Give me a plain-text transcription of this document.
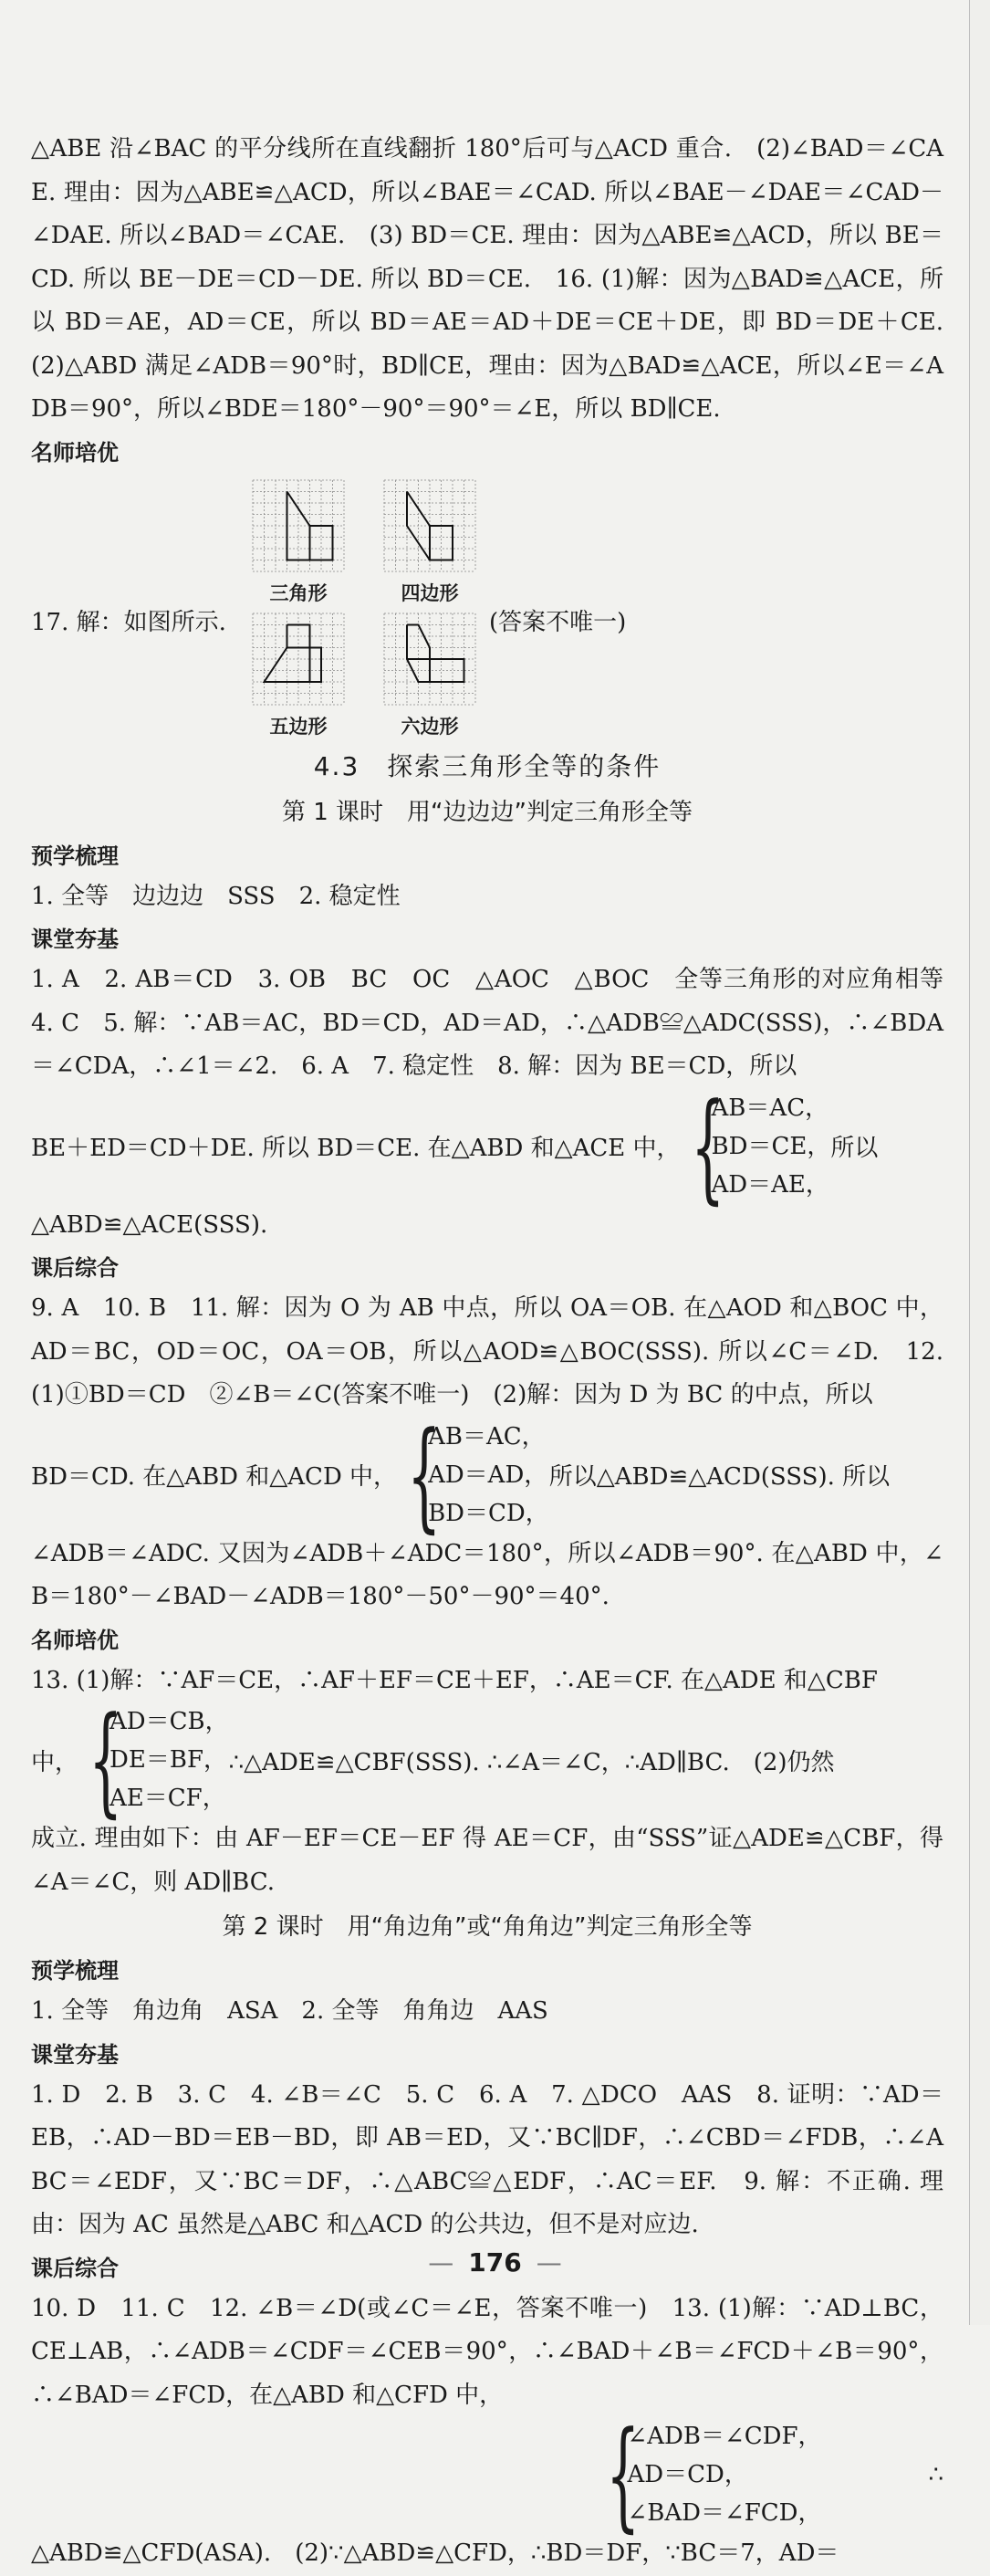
△ABE 沿∠BAC 的平分线所在直线翻折 180°后可与△ACD 重合.　(2)∠BAD＝∠CAE. 理由：因为△ABE≌△ACD，所以∠BAE＝∠CAD. 所以∠BAE－∠DAE＝∠CAD－∠DAE. 所以∠BAD＝∠CAE.　(3) BD＝CE. 理由：因为△ABE≌△ACD，所以 BE＝CD. 所以 BE－DE＝CD－DE. 所以 BD＝CE.　16. (1)解：因为△BAD≌△ACE，所以 BD＝AE，AD＝CE，所以 BD＝AE＝AD＋DE＝CE＋DE，即 BD＝DE＋CE.　(2)△ABD 满足∠ADB＝90°时，BD∥CE，理由：因为△BAD≌△ACE，所以∠E＝∠ADB＝90°，所以∠BDE＝180°－90°＝90°＝∠E，所以 BD∥CE.

名师培优
17. 解：如图所示.
三角形	四边形
五边形	六边形
(答案不唯一)
4.3　探索三角形全等的条件
第 1 课时　用“边边边”判定三角形全等
预学梳理

1. 全等　边边边　SSS　2. 稳定性

课堂夯基

1. A　2. AB＝CD　3. OB　BC　OC　△AOC　△BOC　全等三角形的对应角相等　4. C　5. 解：∵AB＝AC，BD＝CD，AD＝AD，∴△ADB≌△ADC(SSS)，∴∠BDA＝∠CDA，∴∠1＝∠2.　6. A　7. 稳定性　8. 解：因为 BE＝CD，所以

BE＋ED＝CD＋DE. 所以 BD＝CE. 在△ABD 和△ACE 中， {
AB＝AC，
BD＝CE，
AD＝AE，
所以

△ABD≌△ACE(SSS).

课后综合

9. A　10. B　11. 解：因为 O 为 AB 中点，所以 OA＝OB. 在△AOD 和△BOC 中，AD＝BC，OD＝OC，OA＝OB，所以△AOD≌△BOC(SSS). 所以∠C＝∠D.　12. (1)①BD＝CD　②∠B＝∠C(答案不唯一)　(2)解：因为 D 为 BC 的中点，所以

BD＝CD. 在△ABD 和△ACD 中， {
AB＝AC，
AD＝AD，
BD＝CD，
所以△ABD≌△ACD(SSS). 所以

∠ADB＝∠ADC. 又因为∠ADB＋∠ADC＝180°，所以∠ADB＝90°. 在△ABD 中，∠B＝180°－∠BAD－∠ADB＝180°－50°－90°＝40°.

名师培优

13. (1)解：∵AF＝CE，∴AF＋EF＝CE＋EF，∴AE＝CF. 在△ADE 和△CBF

中， {
AD＝CB，
DE＝BF，
AE＝CF，
∴△ADE≌△CBF(SSS). ∴∠A＝∠C，∴AD∥BC.　(2)仍然

成立. 理由如下：由 AF－EF＝CE－EF 得 AE＝CF，由“SSS”证△ADE≌△CBF，得∠A＝∠C，则 AD∥BC.

第 2 课时　用“角边角”或“角角边”判定三角形全等
预学梳理

1. 全等　角边角　ASA　2. 全等　角角边　AAS

课堂夯基

1. D　2. B　3. C　4. ∠B＝∠C　5. C　6. A　7. △DCO　AAS　8. 证明：∵AD＝EB，∴AD－BD＝EB－BD，即 AB＝ED，又∵BC∥DF，∴∠CBD＝∠FDB，∴∠ABC＝∠EDF，又∵BC＝DF，∴△ABC≌△EDF，∴AC＝EF.　9. 解：不正确. 理由：因为 AC 虽然是△ABC 和△ACD 的公共边，但不是对应边.

课后综合

10. D　11. C　12. ∠B＝∠D(或∠C＝∠E，答案不唯一)　13. (1)解：∵AD⊥BC，CE⊥AB，∴∠ADB＝∠CDF＝∠CEB＝90°，∴∠BAD＋∠B＝∠FCD＋∠B＝90°，∴∠BAD＝∠FCD，在△ABD 和△CFD 中，

{
∠ADB＝∠CDF，
AD＝CD，
∠BAD＝∠FCD，
∴

△ABD≌△CFD(ASA).　(2)∵△ABD≌△CFD，∴BD＝DF，∵BC＝7，AD＝

— 176 —
